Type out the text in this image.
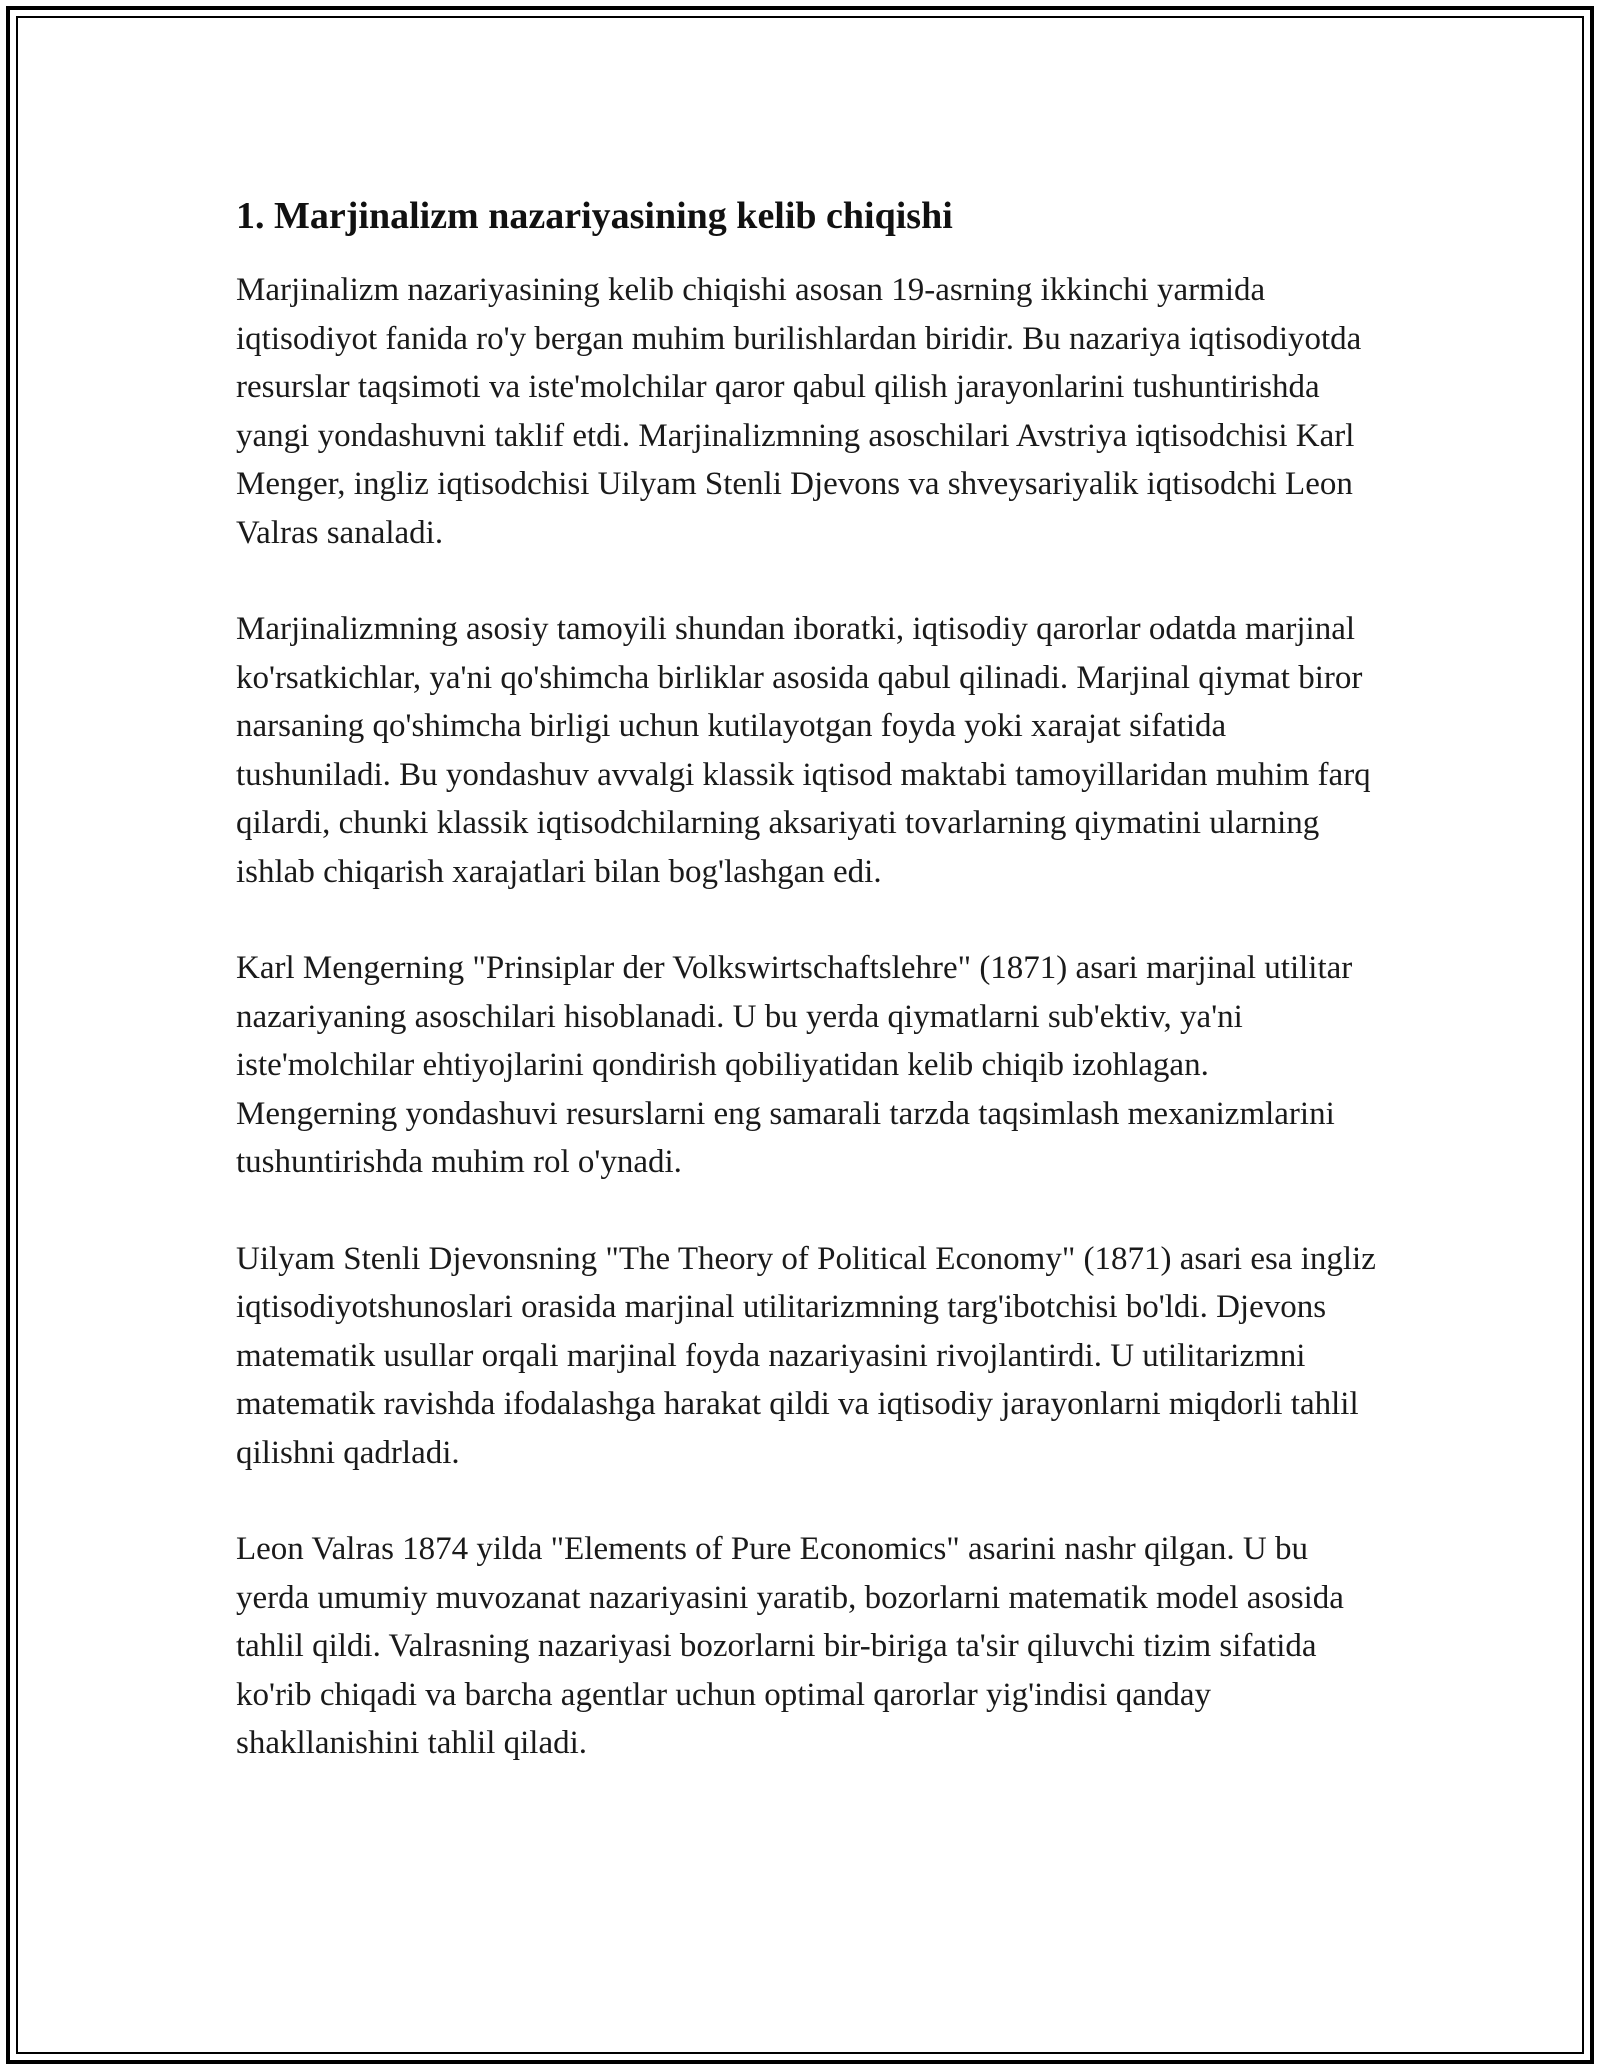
1. Marjinalizm nazariyasining kelib chiqishi

Marjinalizm nazariyasining kelib chiqishi asosan 19-asrning ikkinchi yarmida iqtisodiyot fanida ro'y bergan muhim burilishlardan biridir. Bu nazariya iqtisodiyotda resurslar taqsimoti va iste'molchilar qaror qabul qilish jarayonlarini tushuntirishda yangi yondashuvni taklif etdi. Marjinalizmning asoschilari Avstriya iqtisodchisi Karl Menger, ingliz iqtisodchisi Uilyam Stenli Djevons va shveysariyalik iqtisodchi Leon Valras sanaladi.

Marjinalizmning asosiy tamoyili shundan iboratki, iqtisodiy qarorlar odatda marjinal ko'rsatkichlar, ya'ni qo'shimcha birliklar asosida qabul qilinadi. Marjinal qiymat biror narsaning qo'shimcha birligi uchun kutilayotgan foyda yoki xarajat sifatida tushuniladi. Bu yondashuv avvalgi klassik iqtisod maktabi tamoyillaridan muhim farq qilardi, chunki klassik iqtisodchilarning aksariyati tovarlarning qiymatini ularning ishlab chiqarish xarajatlari bilan bog'lashgan edi.

Karl Mengerning "Prinsiplar der Volkswirtschaftslehre" (1871) asari marjinal utilitar nazariyaning asoschilari hisoblanadi. U bu yerda qiymatlarni sub'ektiv, ya'ni iste'molchilar ehtiyojlarini qondirish qobiliyatidan kelib chiqib izohlagan. Mengerning yondashuvi resurslarni eng samarali tarzda taqsimlash mexanizmlarini tushuntirishda muhim rol o'ynadi.

Uilyam Stenli Djevonsning "The Theory of Political Economy" (1871) asari esa ingliz iqtisodiyotshunoslari orasida marjinal utilitarizmning targ'ibotchisi bo'ldi. Djevons matematik usullar orqali marjinal foyda nazariyasini rivojlantirdi. U utilitarizmni matematik ravishda ifodalashga harakat qildi va iqtisodiy jarayonlarni miqdorli tahlil qilishni qadrladi.

Leon Valras 1874 yilda "Elements of Pure Economics" asarini nashr qilgan. U bu yerda umumiy muvozanat nazariyasini yaratib, bozorlarni matematik model asosida tahlil qildi. Valrasning nazariyasi bozorlarni bir-biriga ta'sir qiluvchi tizim sifatida ko'rib chiqadi va barcha agentlar uchun optimal qarorlar yig'indisi qanday shakllanishini tahlil qiladi.
